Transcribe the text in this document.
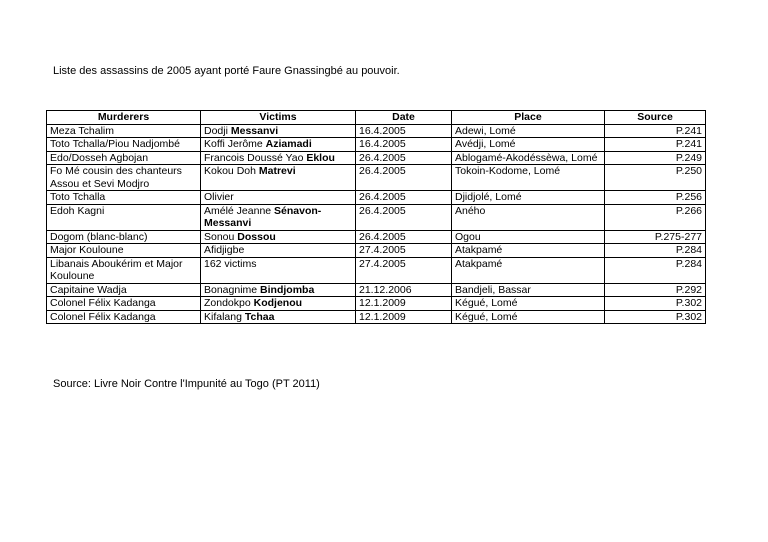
Liste des assassins de 2005 ayant porté Faure Gnassingbé au pouvoir.
Murderers	Victims	Date	Place	Source
Meza Tchalim	Dodji Messanvi	16.4.2005	Adewi, Lomé	P.241
Toto Tchalla/Piou Nadjombé	Koffi Jerôme Aziamadi	16.4.2005	Avédji, Lomé	P.241
Edo/Dosseh Agbojan	Francois Doussé Yao Eklou	26.4.2005	Ablogamé-Akodéssèwa, Lomé	P.249
Fo Mé cousin des chanteurs Assou et Sevi Modjro	Kokou Doh Matrevi	26.4.2005	Tokoin-Kodome, Lomé	P.250
Toto Tchalla	Olivier	26.4.2005	Djidjolé, Lomé	P.256
Edoh Kagni	Amélé Jeanne Sénavon-Messanvi	26.4.2005	Aného	P.266
Dogom (blanc-blanc)	Sonou Dossou	26.4.2005	Ogou	P.275-277
Major Kouloune	Afidjigbe	27.4.2005	Atakpamé	P.284
Libanais Aboukérim et Major Kouloune	162 victims	27.4.2005	Atakpamé	P.284
Capitaine Wadja	Bonagnime Bindjomba	21.12.2006	Bandjeli, Bassar	P.292
Colonel Félix Kadanga	Zondokpo Kodjenou	12.1.2009	Kégué, Lomé	P.302
Colonel Félix Kadanga	Kifalang Tchaa	12.1.2009	Kégué, Lomé	P.302
Source: Livre Noir Contre l'Impunité au Togo (PT 2011)
